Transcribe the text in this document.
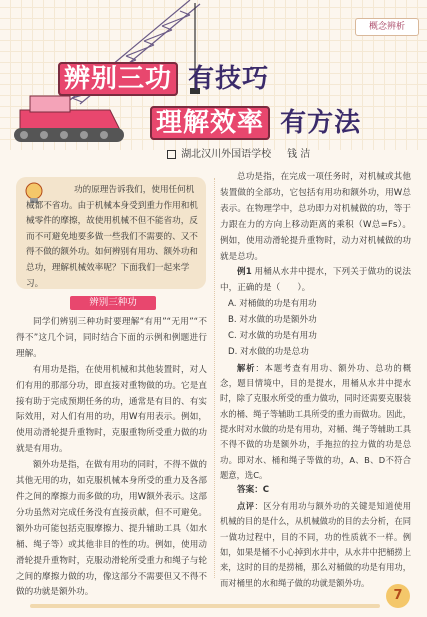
概念辨析
辨别三功 有技巧
理解效率 有方法
湖北汉川外国语学校 钱 洁

功的原理告诉我们，使用任何机械都不省功。由于机械本身受到重力作用和机械零件的摩擦，故使用机械不但不能省功，反而不可避免地要多做一些我们不需要的、又不得不做的额外功。如何辨别有用功、额外功和总功，理解机械效率呢？下面我们一起来学习。

辨别三种功

同学们辨别三种功时要理解“有用”“无用”“不得不”这几个词，同时结合下面的示例和例题进行理解。

有用功是指，在使用机械和其他装置时，对人们有用的那部分功，即直接对重物做的功。它是直接有助于完成预期任务的功，通常是有目的、有实际效用，对人们有用的功，用W有用表示。例如，使用动滑轮提升重物时，克服重物所受重力做的功就是有用功。

额外功是指，在做有用功的同时，不得不做的其他无用的功，如克服机械本身所受的重力及各部件之间的摩擦力而多做的功，用W额外表示。这部分功虽然对完成任务没有直接贡献，但不可避免。额外功可能包括克服摩擦力、提升辅助工具（如水桶、绳子等）或其他非目的性的功。例如，使用动滑轮提升重物时，克服动滑轮所受重力和绳子与轮之间的摩擦力做的功，像这部分不需要但又不得不做的功就是额外功。

总功是指，在完成一项任务时，对机械或其他装置做的全部功，它包括有用功和额外功，用W总表示。在物理学中，总功即力对机械做的功，等于力跟在力的方向上移动距离的乘积（W总=Fs）。例如，使用动滑轮提升重物时，动力对机械做的功就是总功。

例1 用桶从水井中提水，下列关于做功的说法中，正确的是（　　）。

A. 对桶做的功是有用功

B. 对水做的功是额外功

C. 对水做的功是有用功

D. 对水做的功是总功

解析：本题考查有用功、额外功、总功的概念，题目情境中，目的是提水，用桶从水井中提水时，除了克服水所受的重力做功，同时还需要克服装水的桶、绳子等辅助工具所受的重力而做功。因此，提水时对水做的功是有用功，对桶、绳子等辅助工具不得不做的功是额外功，手拖拉的拉力做的功是总功。即对水、桶和绳子等做的功，A、B、D不符合题意，选C。

答案：C

点评：区分有用功与额外功的关键是知道使用机械的目的是什么，从机械做功的目的去分析，在同一做功过程中，目的不同，功的性质就不一样。例如，如果是桶不小心掉到水井中，从水井中把桶捞上来，这时的目的是捞桶，那么对桶做的功是有用功，而对桶里的水和绳子做的功就是额外功。

7
